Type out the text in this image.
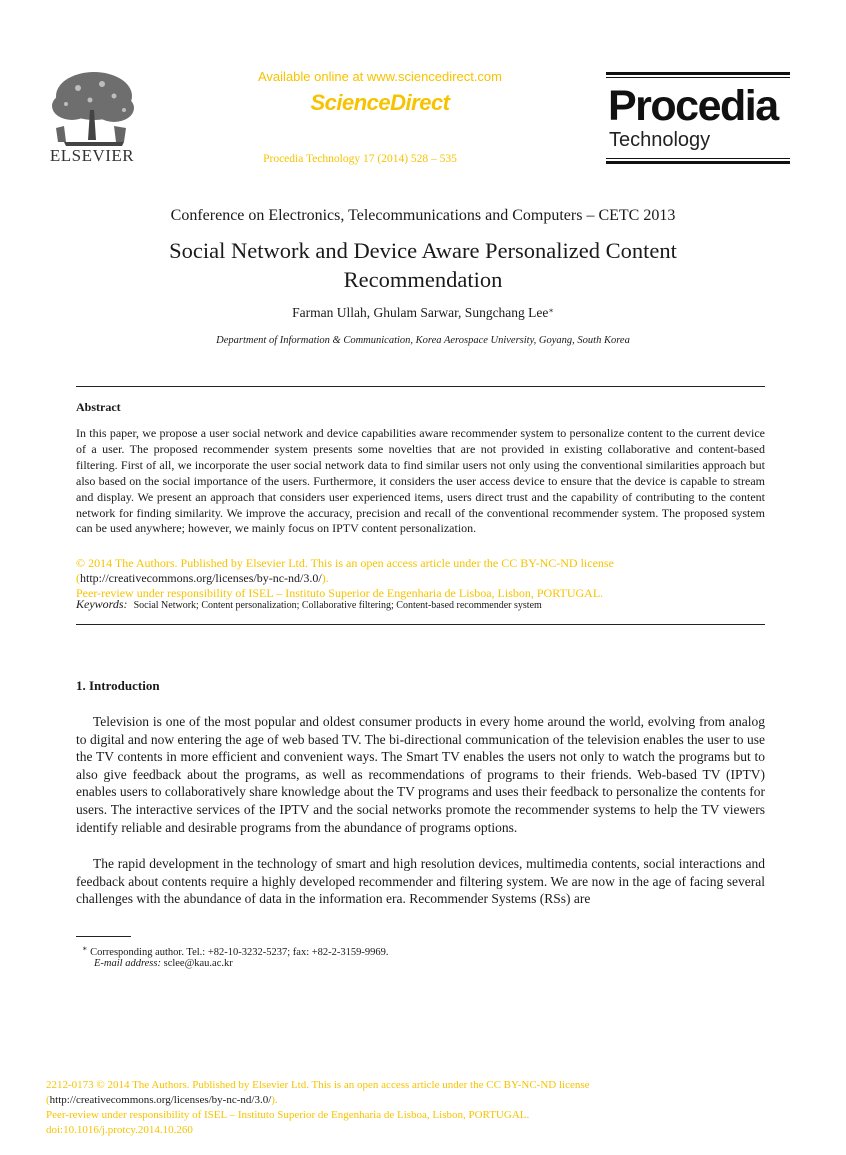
ELSEVIER
Available online at www.sciencedirect.com
ScienceDirect
Procedia Technology 17 (2014) 528 – 535
Procedia
Technology
Conference on Electronics, Telecommunications and Computers – CETC 2013
Social Network and Device Aware Personalized Content
Recommendation
Farman Ullah, Ghulam Sarwar, Sungchang Lee∗
Department of Information & Communication, Korea Aerospace University, Goyang, South Korea
Abstract
In this paper, we propose a user social network and device capabilities aware recommender system to personalize content to the current device of a user. The proposed recommender system presents some novelties that are not provided in existing collaborative and content-based filtering. First of all, we incorporate the user social network data to find similar users not only using the conventional similarities approach but also based on the social importance of the users. Furthermore, it considers the user access device to ensure that the device is capable to stream and display. We present an approach that considers user experienced items, users direct trust and the capability of contributing to the content network for finding similarity. We improve the accuracy, precision and recall of the conventional recommender system. The proposed system can be used anywhere; however, we mainly focus on IPTV content personalization.
© 2014 The Authors. Published by Elsevier Ltd. This is an open access article under the CC BY-NC-ND license
(http://creativecommons.org/licenses/by-nc-nd/3.0/).
Peer-review under responsibility of ISEL – Instituto Superior de Engenharia de Lisboa, Lisbon, PORTUGAL.
Keywords: Social Network; Content personalization; Collaborative filtering; Content-based recommender system
1. Introduction

Television is one of the most popular and oldest consumer products in every home around the world, evolving from analog to digital and now entering the age of web based TV. The bi-directional communication of the television enables the user to use the TV contents in more efficient and convenient ways. The Smart TV enables the users not only to watch the programs but to also give feedback about the programs, as well as recommendations of programs to their friends. Web-based TV (IPTV) enables users to collaboratively share knowledge about the TV programs and uses their feedback to personalize the contents for users. The interactive services of the IPTV and the social networks promote the recommender systems to help the TV viewers identify reliable and desirable programs from the abundance of programs options.

The rapid development in the technology of smart and high resolution devices, multimedia contents, social interactions and feedback about contents require a highly developed recommender and filtering system. We are now in the age of facing several challenges with the abundance of data in the information era. Recommender Systems (RSs) are

∗ Corresponding author. Tel.: +82-10-3232-5237; fax: +82-2-3159-9969.
E-mail address: sclee@kau.ac.kr
2212-0173 © 2014 The Authors. Published by Elsevier Ltd. This is an open access article under the CC BY-NC-ND license
(http://creativecommons.org/licenses/by-nc-nd/3.0/).
Peer-review under responsibility of ISEL – Instituto Superior de Engenharia de Lisboa, Lisbon, PORTUGAL.
doi:10.1016/j.protcy.2014.10.260
